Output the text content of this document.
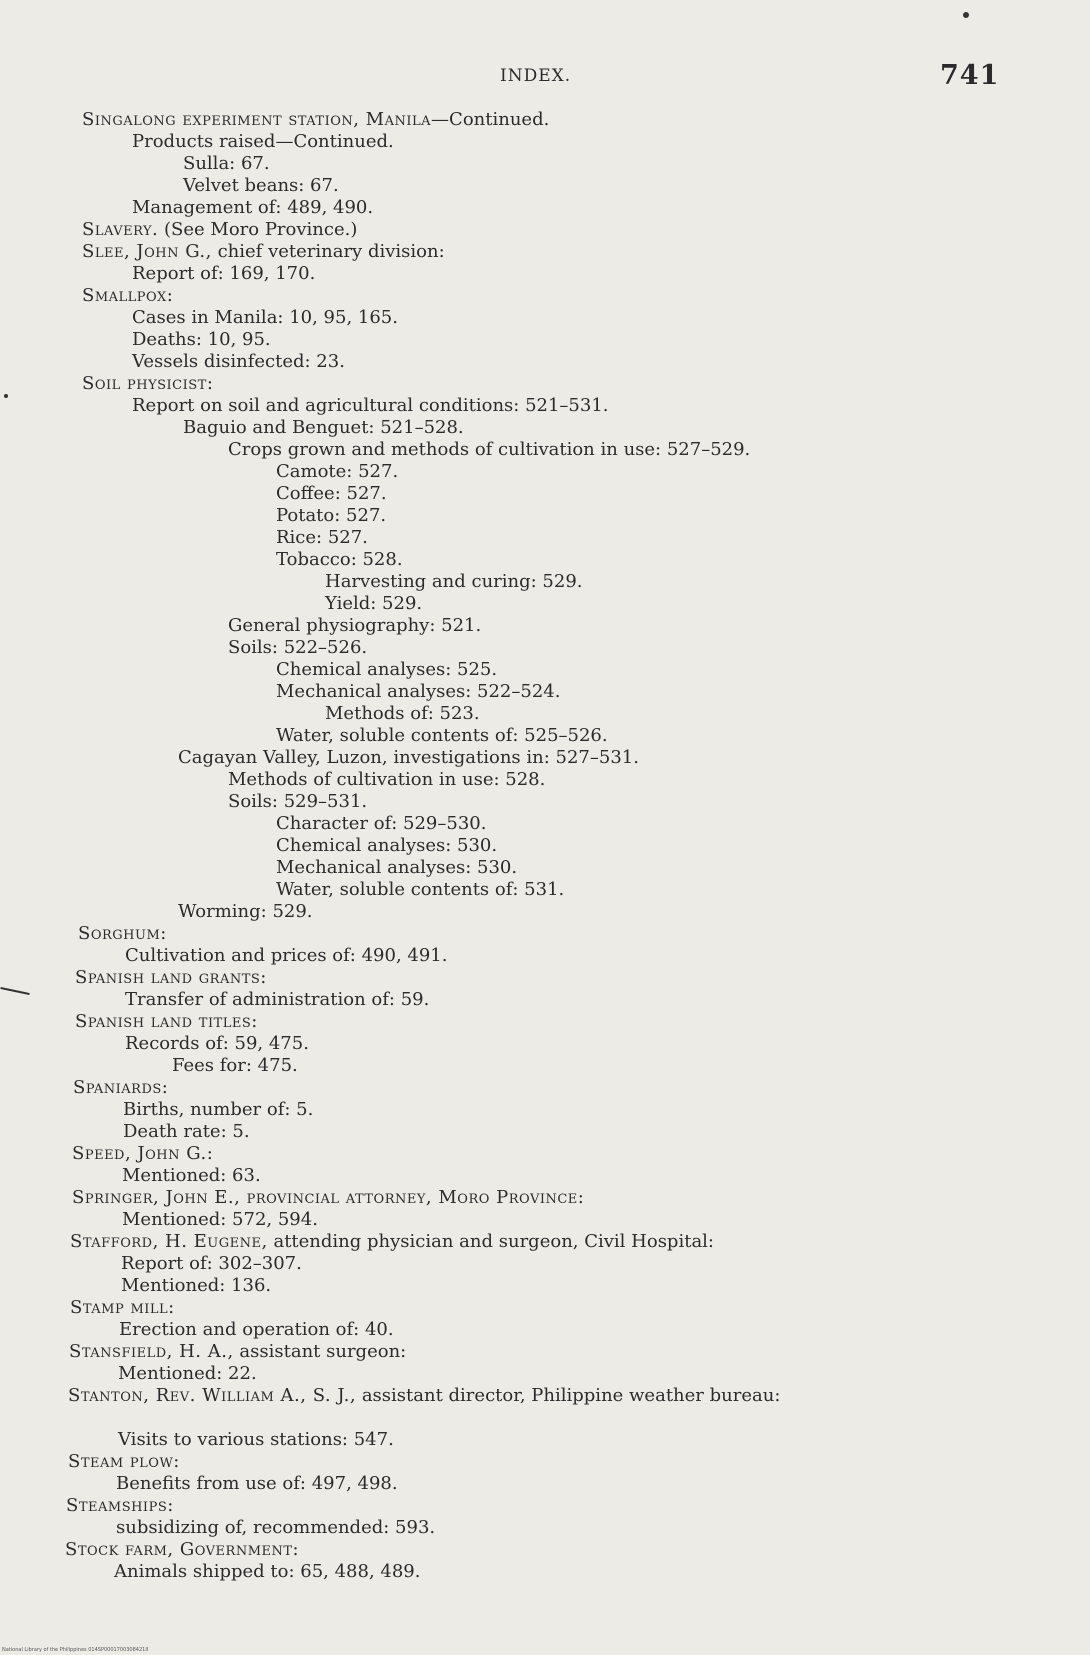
INDEX.	741
Singalong experiment station, Manila—Continued.
Products raised—Continued.
Sulla: 67.
Velvet beans: 67.
Management of: 489, 490.
Slavery. (See Moro Province.)
Slee, John G., chief veterinary division:
Report of: 169, 170.
Smallpox:
Cases in Manila: 10, 95, 165.
Deaths: 10, 95.
Vessels disinfected: 23.
Soil physicist:
Report on soil and agricultural conditions: 521–531.
Baguio and Benguet: 521–528.
Crops grown and methods of cultivation in use: 527–529.
Camote: 527.
Coffee: 527.
Potato: 527.
Rice: 527.
Tobacco: 528.
Harvesting and curing: 529.
Yield: 529.
General physiography: 521.
Soils: 522–526.
Chemical analyses: 525.
Mechanical analyses: 522–524.
Methods of: 523.
Water, soluble contents of: 525–526.
Cagayan Valley, Luzon, investigations in: 527–531.
Methods of cultivation in use: 528.
Soils: 529–531.
Character of: 529–530.
Chemical analyses: 530.
Mechanical analyses: 530.
Water, soluble contents of: 531.
Worming: 529.
Sorghum:
Cultivation and prices of: 490, 491.
Spanish land grants:
Transfer of administration of: 59.
Spanish land titles:
Records of: 59, 475.
Fees for: 475.
Spaniards:
Births, number of: 5.
Death rate: 5.
Speed, John G.:
Mentioned: 63.
Springer, John E., provincial attorney, Moro Province:
Mentioned: 572, 594.
Stafford, H. Eugene, attending physician and surgeon, Civil Hospital:
Report of: 302–307.
Mentioned: 136.
Stamp mill:
Erection and operation of: 40.
Stansfield, H. A., assistant surgeon:
Mentioned: 22.
Stanton, Rev. William A., S. J., assistant director, Philippine weather bureau:
Visits to various stations: 547.
Steam plow:
Benefits from use of: 497, 498.
Steamships:
subsidizing of, recommended: 593.
Stock farm, Government:
Animals shipped to: 65, 488, 489.
National Library of the Philippines 014SP0001700308421II
